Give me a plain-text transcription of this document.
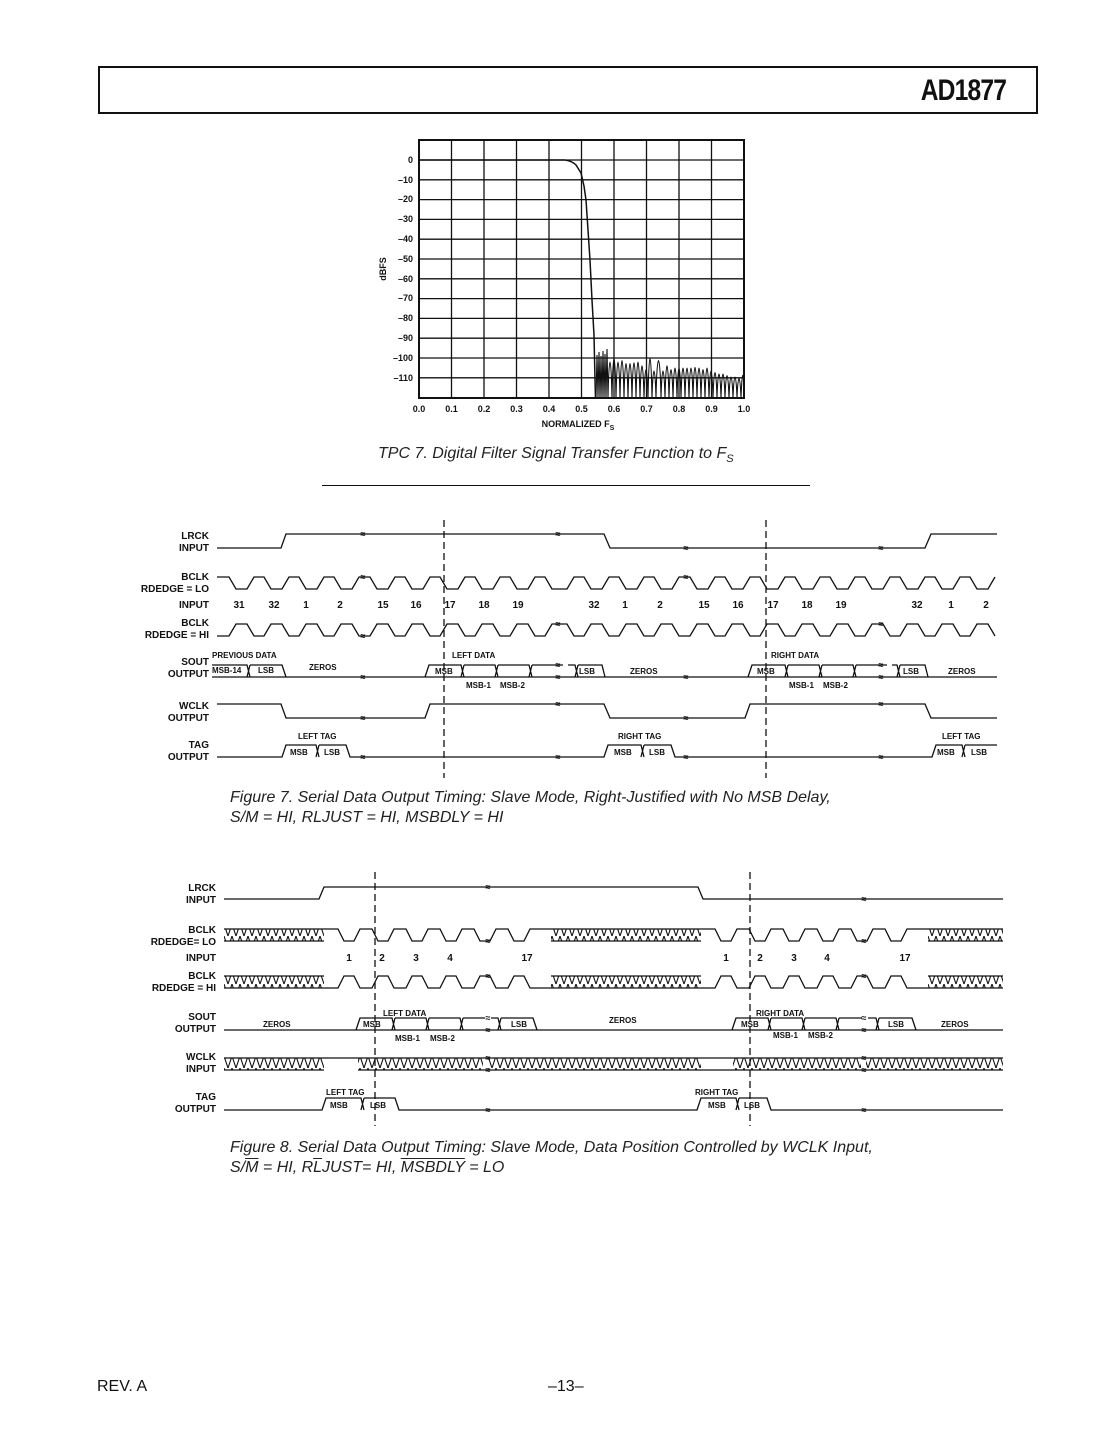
AD1877
0
–10
–20
–30
–40
–50
–60
–70
–80
–90
–100
–110
dBFS
0.0 0.1 0.2 0.3 0.4 0.5 0.6 0.7 0.8 0.9 1.0
NORMALIZED $F_S$
TPC 7. Digital Filter Signal Transfer Function to $F_S$
LRCK
INPUT
BCLK
RDEDGE = LO
INPUT
BCLK
RDEDGE = HI
SOUT
OUTPUT
WCLK
OUTPUT
TAG
OUTPUT
≈	≈
≈	≈
≈	≈
≈
≈
≈
≈
≈
≈	≈
≈
≈
≈
≈
≈
≈
≈	≈	≈	≈
31 32 1	2	15 16 17 18 19	32 1	2	15 16 17 18 19	32	1	2
PREVIOUS DATA
MSB-14 LSB	ZEROS
LEFT DATA
MSB
MSB-1 MSB-2
LSB	ZEROS
RIGHT DATA
MSB
MSB-1 MSB-2
LSB	ZEROS
LEFT TAG
MSB LSB
RIGHT TAG
MSB LSB
LEFT TAG
MSB LSB
Figure 7. Serial Data Output Timing: Slave Mode, Right-Justified with No MSB Delay,
S/M = HI, RLJUST = HI, MSBDLY = HI
LRCK
INPUT
BCLK
RDEDGE= LO
INPUT
BCLK
RDEDGE = HI
SOUT
OUTPUT
WCLK
INPUT
TAG
OUTPUT
≈
≈
≈	≈
≈	≈
≈
≈
≈
≈
≈
≈
≈
≈
≈	≈
1	2	3	4	17	1	2	3	4	17
ZEROS
LEFT DATA
MSB
MSB-1 MSB-2
LSB	ZEROS
RIGHT DATA
MSB
MSB-1 MSB-2
LSB	ZEROS
LEFT TAG
MSB	LSB
RIGHT TAG
MSB LSB
Figure 8. Serial Data Output Timing: Slave Mode, Data Position Controlled by WCLK Input,
$S/\overline{M}$ = HI, $R\overline{L}JUST=$ HI, MSBDLY = LO
REV. A	–13–
